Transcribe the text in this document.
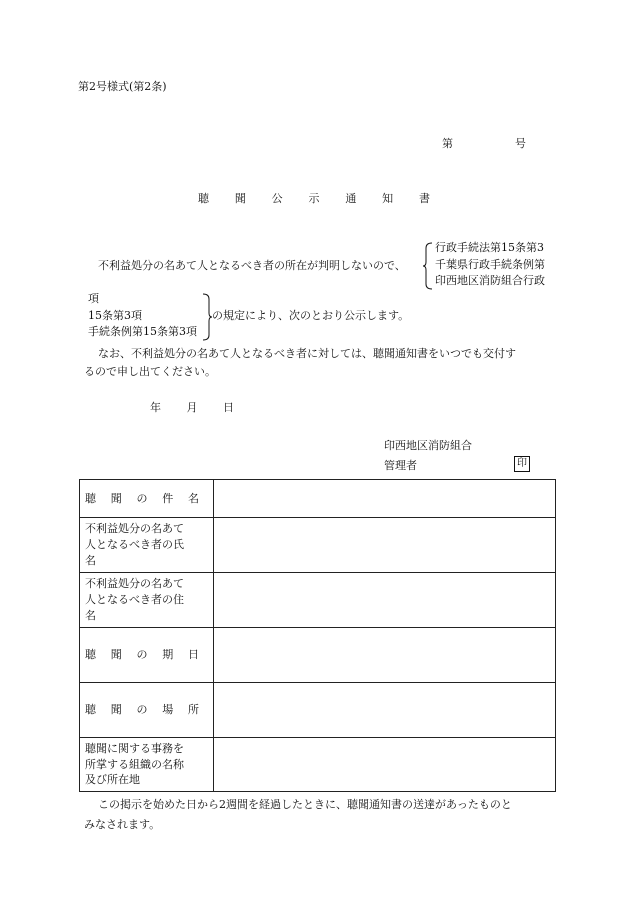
第2号様式(第2条)
第	号
聴 聞 公 示 通 知 書
不利益処分の名あて人となるべき者の所在が判明しないので、
行政手続法第15条第3
千葉県行政手続条例第
印西地区消防組合行政
項
15条第3項
手続条例第15条第3項
の規定により、次のとおり公示します。
なお、不利益処分の名あて人となるべき者に対しては、聴聞通知書をいつでも交付す
るので申し出てください。
年 月 日
印西地区消防組合
管理者	印
聴 聞 の 件 名	

不利益処分の名あて
人となるべき者の氏
名	

不利益処分の名あて
人となるべき者の住
名	

聴 聞 の 期 日	

聴 聞 の 場 所	

聴聞に関する事務を
所掌する組織の名称
及び所在地	

この掲示を始めた日から2週間を経過したときに、聴聞通知書の送達があったものと
みなされます。
